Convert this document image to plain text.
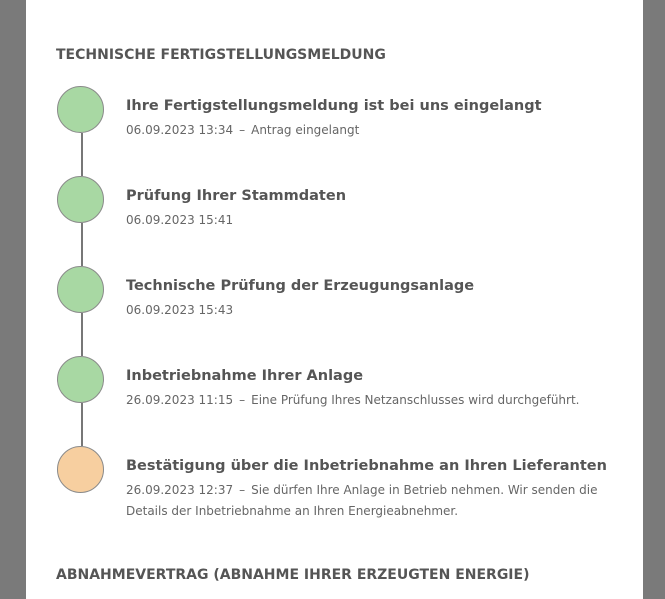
TECHNISCHE FERTIGSTELLUNGSMELDUNG
Ihre Fertigstellungsmeldung ist bei uns eingelangt
06.09.2023 13:34 – Antrag eingelangt
Prüfung Ihrer Stammdaten
06.09.2023 15:41
Technische Prüfung der Erzeugungsanlage
06.09.2023 15:43
Inbetriebnahme Ihrer Anlage
26.09.2023 11:15 – Eine Prüfung Ihres Netzanschlusses wird durchgeführt.
Bestätigung über die Inbetriebnahme an Ihren Lieferanten
26.09.2023 12:37 – Sie dürfen Ihre Anlage in Betrieb nehmen. Wir senden die Details der Inbetriebnahme an Ihren Energieabnehmer.
ABNAHMEVERTRAG (ABNAHME IHRER ERZEUGTEN ENERGIE)
